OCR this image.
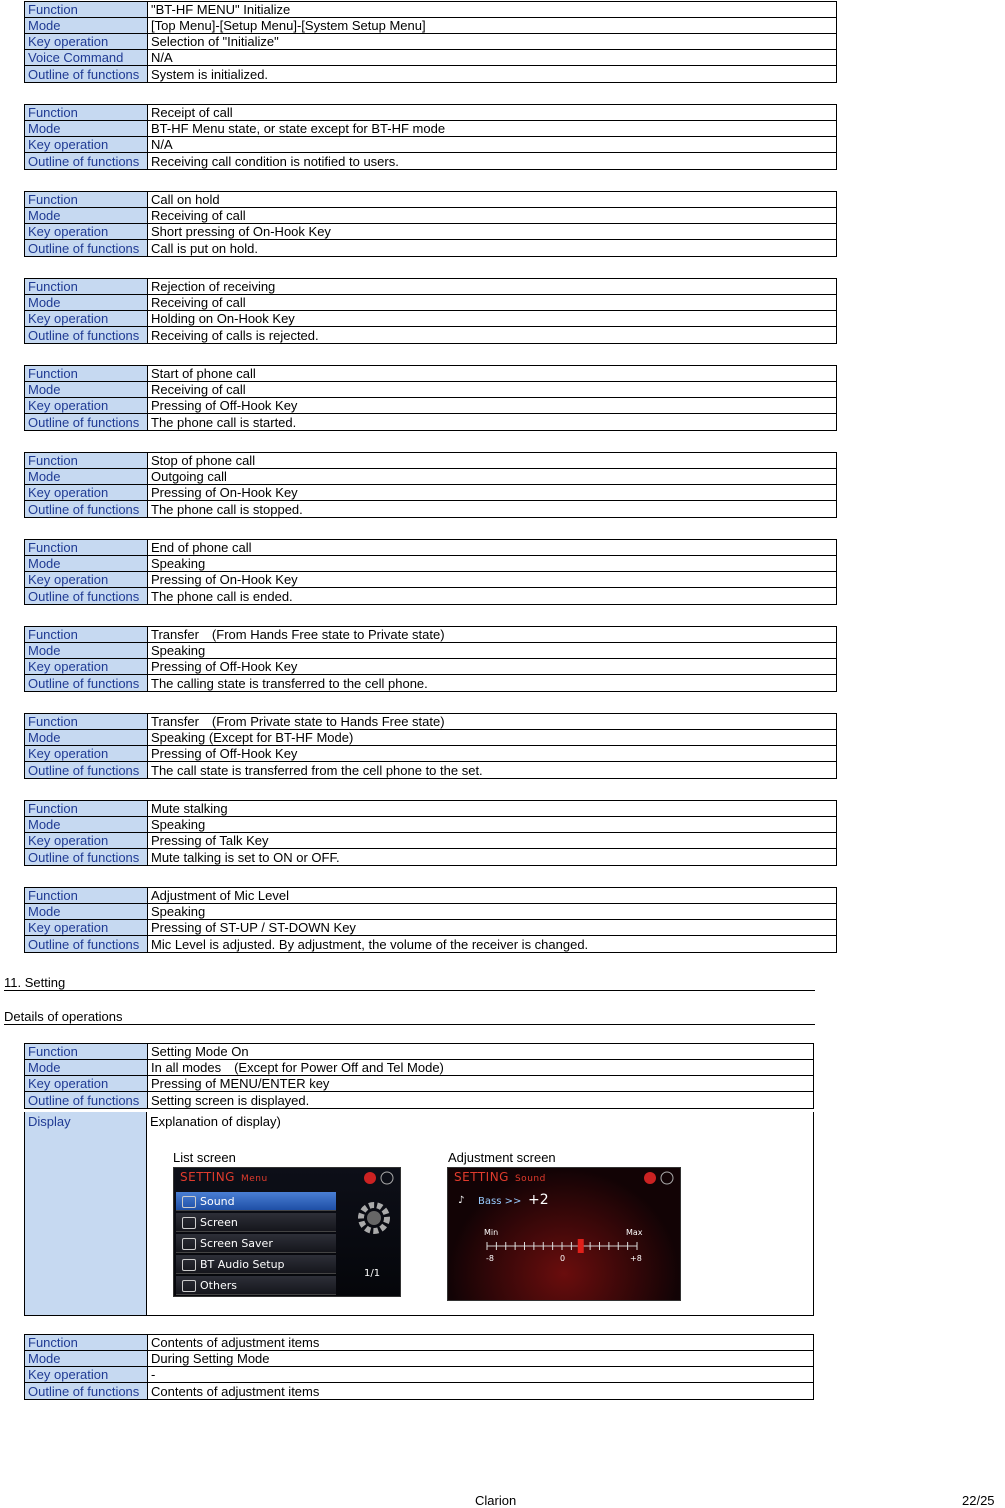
Function	"BT-HF MENU" Initialize
Mode	[Top Menu]-[Setup Menu]-[System Setup Menu]
Key operation	Selection of "Initialize"
Voice Command	N/A
Outline of functions	System is initialized.
Function	Receipt of call
Mode	BT-HF Menu state, or state except for BT-HF mode
Key operation	N/A
Outline of functions	Receiving call condition is notified to users.
Function	Call on hold
Mode	Receiving of call
Key operation	Short pressing of On-Hook Key
Outline of functions	Call is put on hold.
Function	Rejection of receiving
Mode	Receiving of call
Key operation	Holding on On-Hook Key
Outline of functions	Receiving of calls is rejected.
Function	Start of phone call
Mode	Receiving of call
Key operation	Pressing of Off-Hook Key
Outline of functions	The phone call is started.
Function	Stop of phone call
Mode	Outgoing call
Key operation	Pressing of On-Hook Key
Outline of functions	The phone call is stopped.
Function	End of phone call
Mode	Speaking
Key operation	Pressing of On-Hook Key
Outline of functions	The phone call is ended.
Function	Transfer　(From Hands Free state to Private state)
Mode	Speaking
Key operation	Pressing of Off-Hook Key
Outline of functions	The calling state is transferred to the cell phone.
Function	Transfer　(From Private state to Hands Free state)
Mode	Speaking (Except for BT-HF Mode)
Key operation	Pressing of Off-Hook Key
Outline of functions	The call state is transferred from the cell phone to the set.
Function	Mute stalking
Mode	Speaking
Key operation	Pressing of Talk Key
Outline of functions	Mute talking is set to ON or OFF.
Function	Adjustment of Mic Level
Mode	Speaking
Key operation	Pressing of ST-UP / ST-DOWN Key
Outline of functions	Mic Level is adjusted. By adjustment, the volume of the receiver is changed.
11. Setting
Details of operations
Function	Setting Mode On
Mode	In all modes　(Except for Power Off and Tel Mode)
Key operation	Pressing of MENU/ENTER key
Outline of functions	Setting screen is displayed.
Display	Explanation of display)
List screen	Adjustment screen
SETTING Menu
Sound
Screen
Screen Saver
BT Audio Setup
Others
1/1
SETTING Sound
♪ Bass >> +2
Min	Max
-8	0	+8
Function	Contents of adjustment items
Mode	During Setting Mode
Key operation	-
Outline of functions	Contents of adjustment items
Clarion	22/25
